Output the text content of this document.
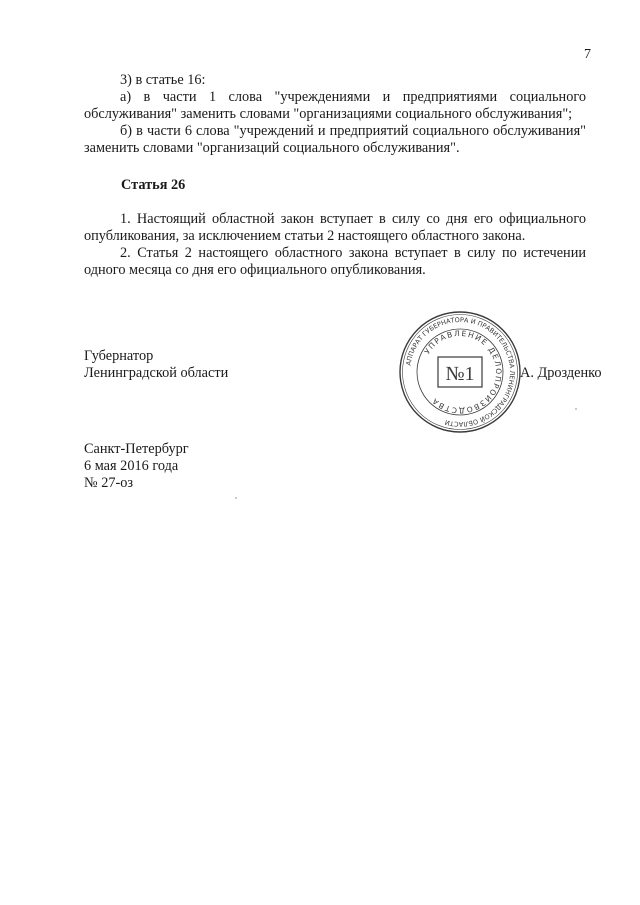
7
3) в статье 16:
а) в части 1 слова "учреждениями и предприятиями социального обслуживания" заменить словами "организациями социального обслуживания";
б) в части 6 слова "учреждений и предприятий социального обслуживания" заменить словами "организаций социального обслуживания".
Статья 26
1. Настоящий областной закон вступает в силу со дня его официального опубликования, за исключением статьи 2 настоящего областного закона.
2. Статья 2 настоящего областного закона вступает в силу по истечении одного месяца со дня его официального опубликования.
Губернатор
Ленинградской области	А. Дрозденко
АППАРАТ ГУБЕРНАТОРА И ПРАВИТЕЛЬСТВА ЛЕНИНГРАДСКОЙ ОБЛАСТИ
УПРАВЛЕНИЕ ДЕЛОПРОИЗВОДСТВА
№1
Санкт-Петербург
6 мая 2016 года
№ 27-оз
